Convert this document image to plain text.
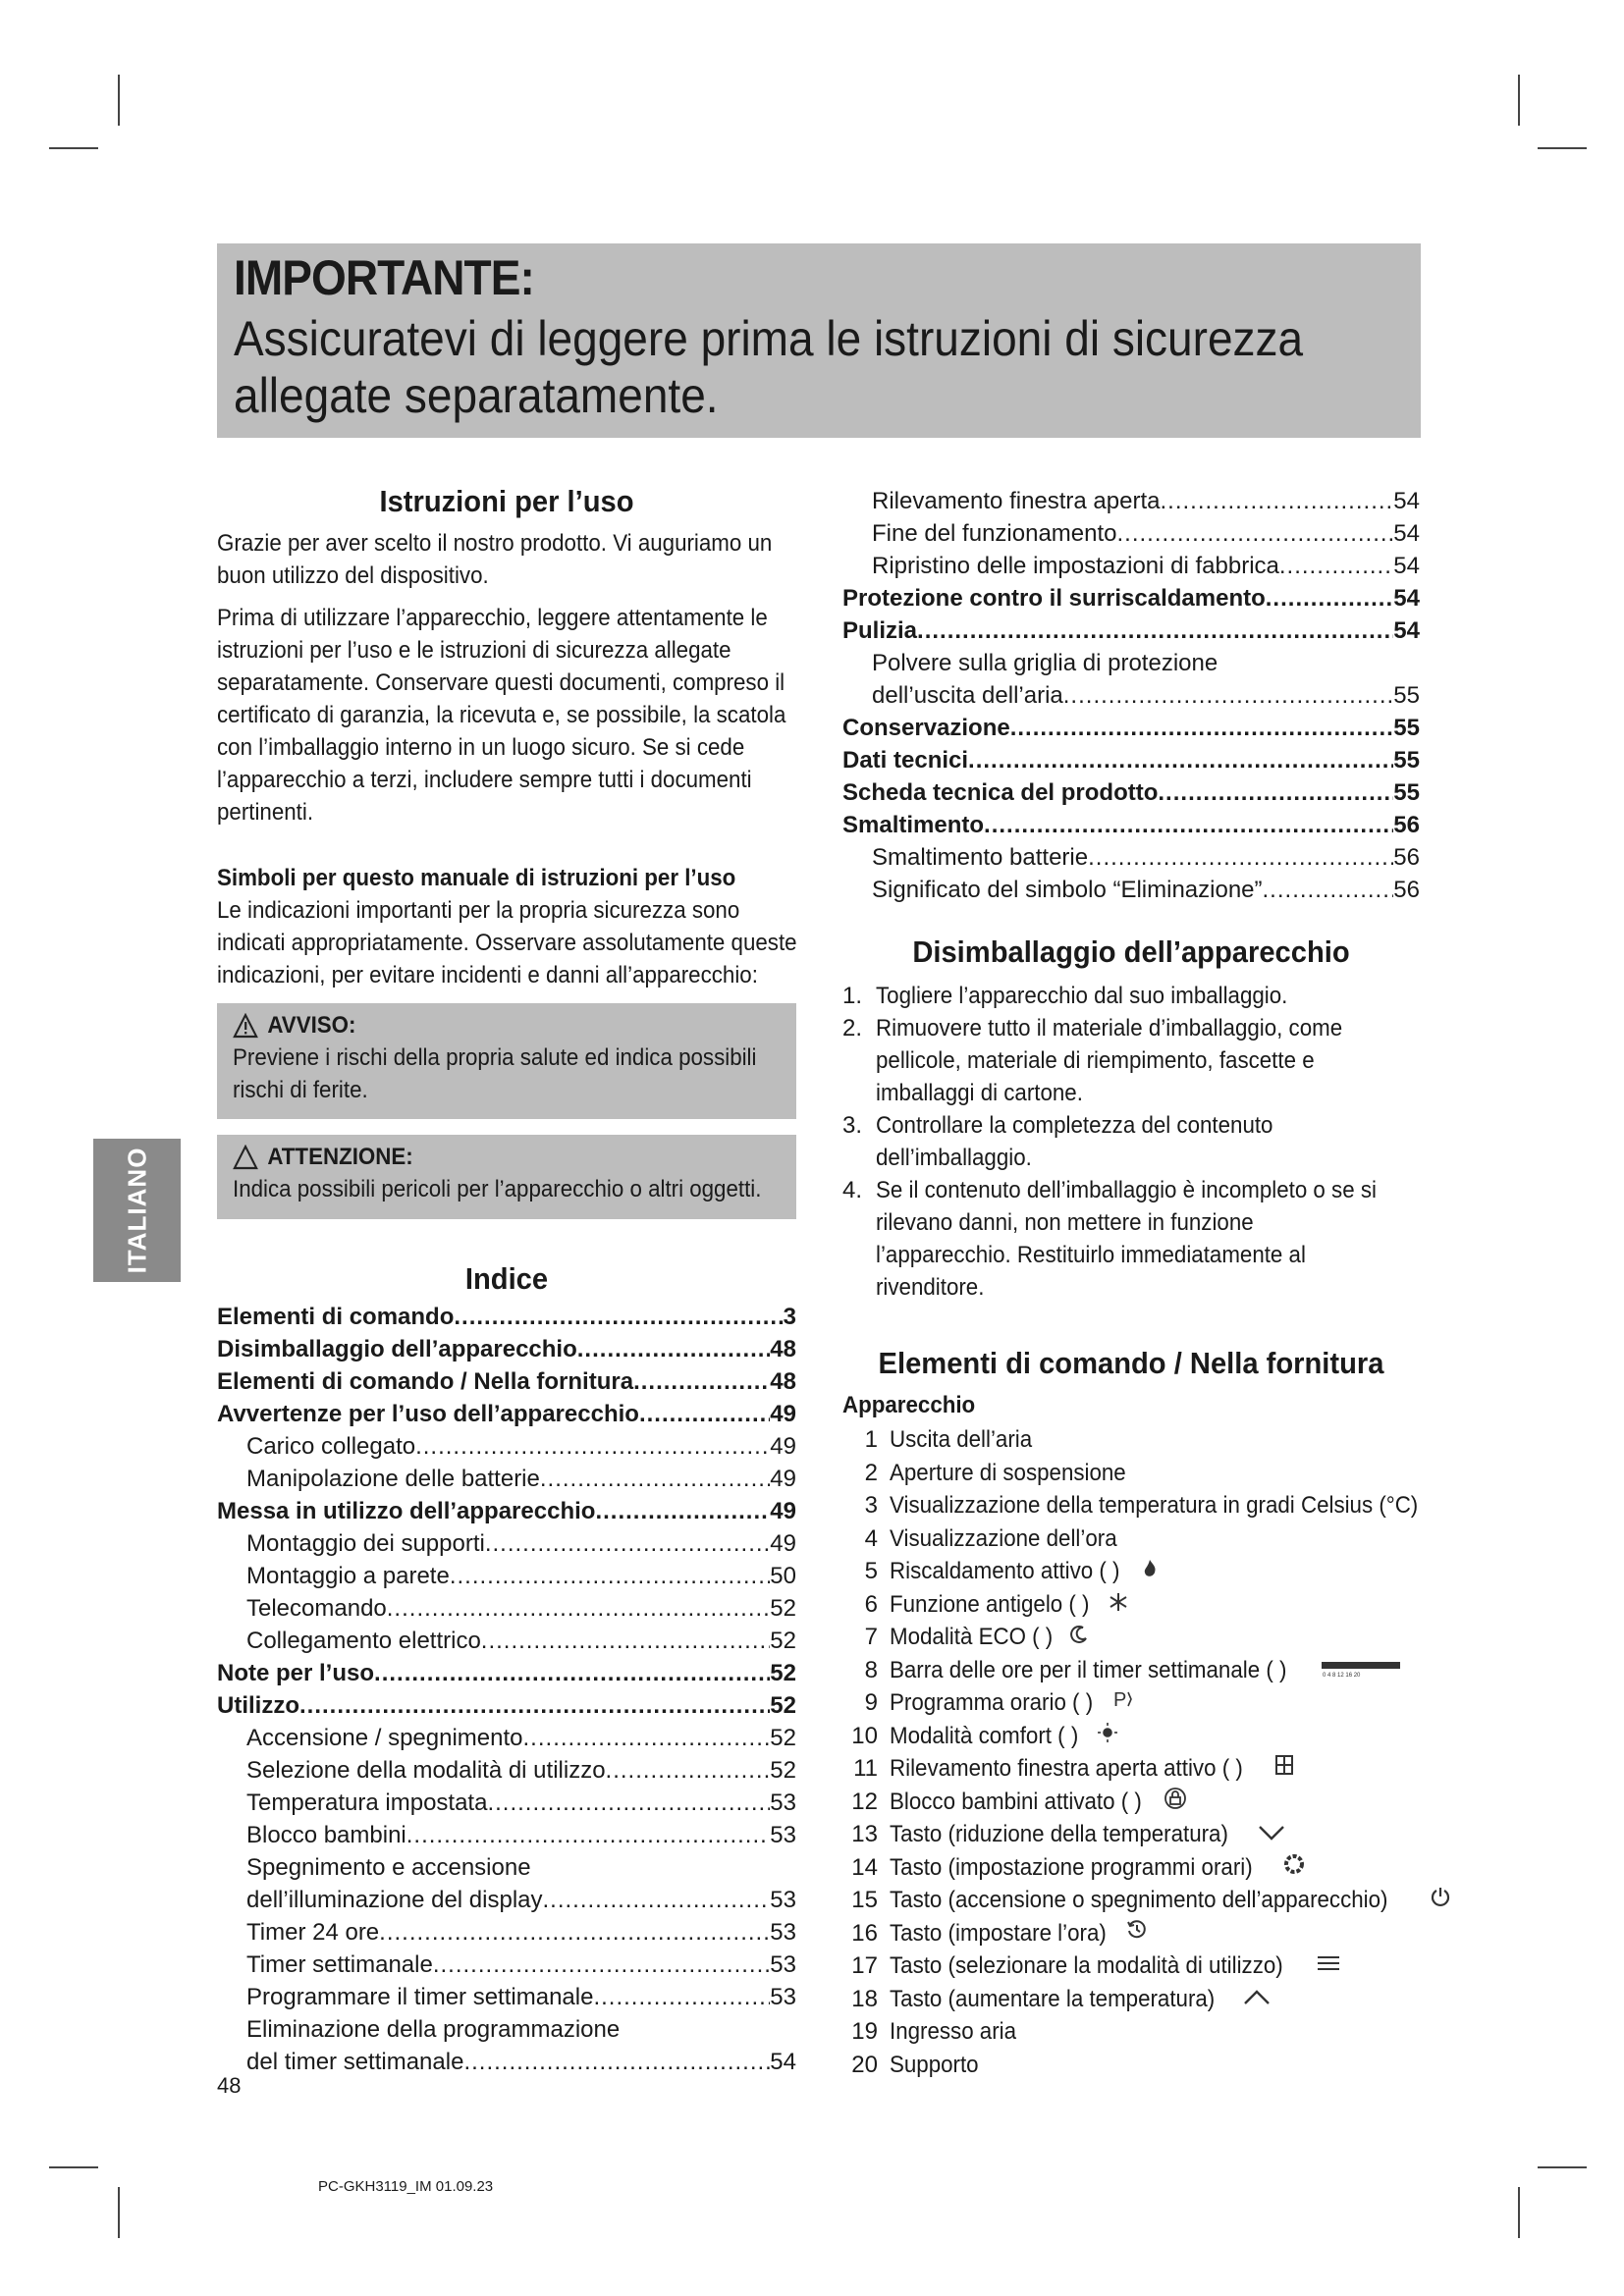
IMPORTANTE:
Assicuratevi di leggere prima le istruzioni di sicurezza allegate separatamente.
ITALIANO
Istruzioni per l’uso

Grazie per aver scelto il nostro prodotto. Vi auguriamo un buon utilizzo del dispositivo.

Prima di utilizzare l’apparecchio, leggere attentamente le istruzioni per l’uso e le istruzioni di sicurezza allegate separatamente. Conservare questi documenti, compreso il certificato di garanzia, la ricevuta e, se possibile, la scatola con l’imballaggio interno in un luogo sicuro. Se si cede l’apparecchio a terzi, includere sempre tutti i documenti pertinenti.

Simboli per questo manuale di istruzioni per l’uso

Le indicazioni importanti per la propria sicurezza sono indicati appropriatamente. Osservare assolutamente queste indicazioni, per evitare incidenti e danni all’apparecchio:

AVVISO:
Previene i rischi della propria salute ed indica possibili rischi di ferite.
ATTENZIONE:
Indica possibili pericoli per l’apparecchio o altri oggetti.
Indice
Elementi di comando .....	3
Disimballaggio dell’apparecchio .....	48
Elementi di comando / Nella fornitura .....	48
Avvertenze per l’uso dell’apparecchio .....	49
Carico collegato .....	49
Manipolazione delle batterie .....	49
Messa in utilizzo dell’apparecchio .....	49
Montaggio dei supporti .....	49
Montaggio a parete .....	50
Telecomando .....	52
Collegamento elettrico .....	52
Note per l’uso .....	52
Utilizzo .....	52
Accensione / spegnimento .....	52
Selezione della modalità di utilizzo .....	52
Temperatura impostata .....	53
Blocco bambini .....	53
Spegnimento e accensione
dell’illuminazione del display .....	53
Timer 24 ore .....	53
Timer settimanale .....	53
Programmare il timer settimanale .....	53
Eliminazione della programmazione
del timer settimanale .....	54
Rilevamento finestra aperta .....	54
Fine del funzionamento .....	54
Ripristino delle impostazioni di fabbrica .....	54
Protezione contro il surriscaldamento .....	54
Pulizia .....	54
Polvere sulla griglia di protezione
dell’uscita dell’aria .....	55
Conservazione .....	55
Dati tecnici .....	55
Scheda tecnica del prodotto .....	55
Smaltimento .....	56
Smaltimento batterie .....	56
Significato del simbolo “Eliminazione” .....	56
Disimballaggio dell’apparecchio
1. Togliere l’apparecchio dal suo imballaggio.
2. Rimuovere tutto il materiale d’imballaggio, come pellicole, materiale di riempimento, fascette e imballaggi di cartone.
3. Controllare la completezza del contenuto dell’imballaggio.
4. Se il contenuto dell’imballaggio è incompleto o se si rilevano danni, non mettere in funzione l’apparecchio. Restituirlo immediatamente al rivenditore.
Elementi di comando / Nella fornitura
Apparecchio
1 Uscita dell’aria
2 Aperture di sospensione
3 Visualizzazione della temperatura in gradi Celsius (°C)
4 Visualizzazione dell’ora
5 Riscaldamento attivo ( )
6 Funzione antigelo ( )
7 Modalità ECO ( )
8 Barra delle ore per il timer settimanale ( )	0 4 8 12 16 20
9 Programma orario ( ) P
10 Modalità comfort ( )
11 Rilevamento finestra aperta attivo ( )
12 Blocco bambini attivato ( )
13 Tasto (riduzione della temperatura)
14 Tasto (impostazione programmi orari)
15 Tasto (accensione o spegnimento dell’apparecchio)
16 Tasto (impostare l’ora)
17 Tasto (selezionare la modalità di utilizzo)
18 Tasto (aumentare la temperatura)
19 Ingresso aria
20 Supporto
48
PC-GKH3119_IM 01.09.23
